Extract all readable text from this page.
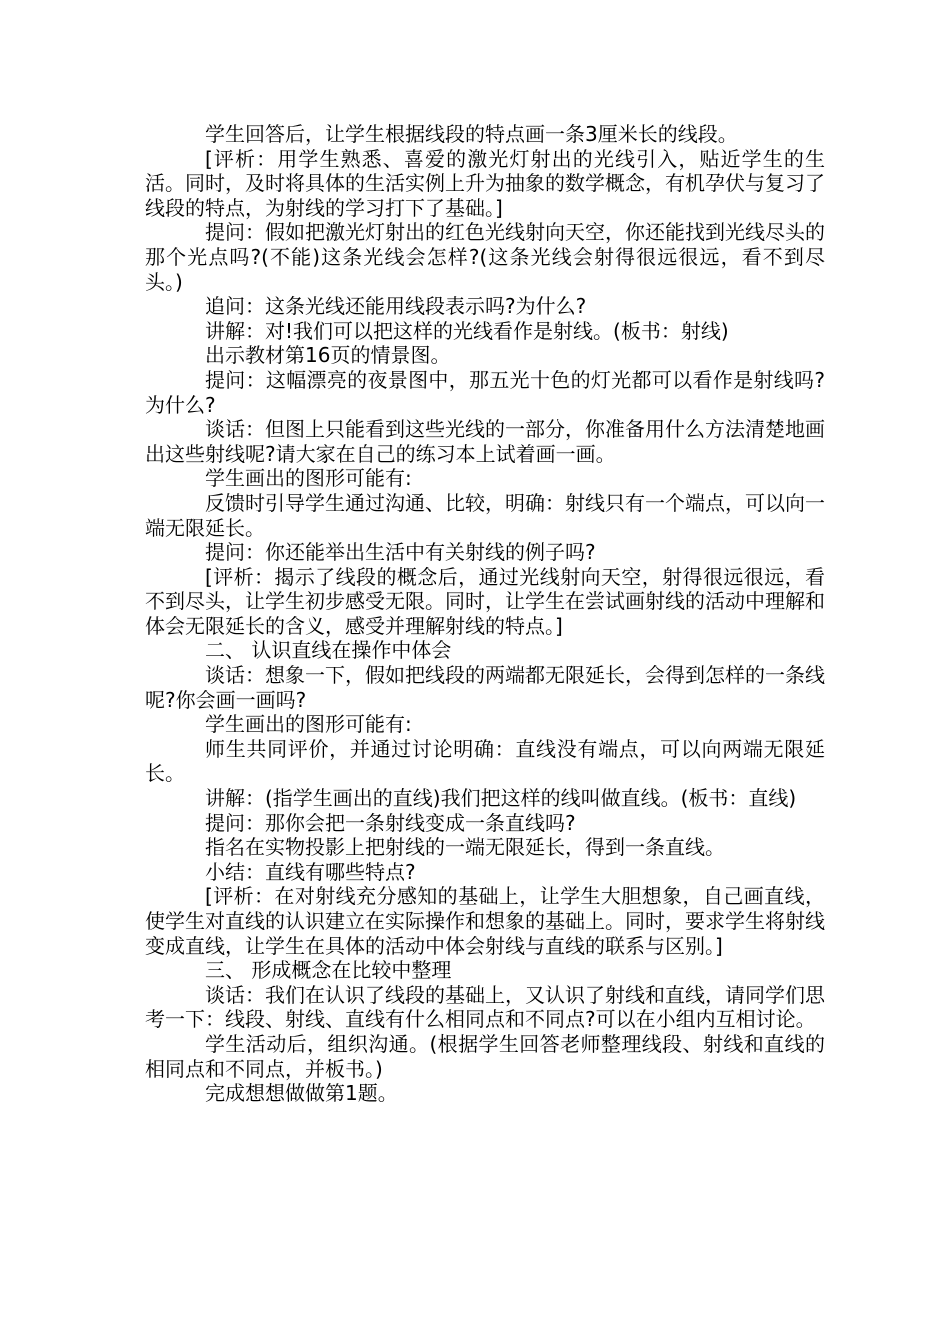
学生回答后，让学生根据线段的特点画一条3厘米长的线段。

[评析：用学生熟悉、喜爱的激光灯射出的光线引入，贴近学生的生活。同时，及时将具体的生活实例上升为抽象的数学概念，有机孕伏与复习了线段的特点，为射线的学习打下了基础。]

提问：假如把激光灯射出的红色光线射向天空，你还能找到光线尽头的那个光点吗?(不能)这条光线会怎样?(这条光线会射得很远很远，看不到尽头。)

追问：这条光线还能用线段表示吗?为什么?

讲解：对!我们可以把这样的光线看作是射线。(板书：射线)

出示教材第16页的情景图。

提问：这幅漂亮的夜景图中，那五光十色的灯光都可以看作是射线吗?为什么?

谈话：但图上只能看到这些光线的一部分，你准备用什么方法清楚地画出这些射线呢?请大家在自己的练习本上试着画一画。

学生画出的图形可能有:

反馈时引导学生通过沟通、比较，明确：射线只有一个端点，可以向一端无限延长。

提问：你还能举出生活中有关射线的例子吗?

[评析：揭示了线段的概念后，通过光线射向天空，射得很远很远，看不到尽头，让学生初步感受无限。同时，让学生在尝试画射线的活动中理解和体会无限延长的含义，感受并理解射线的特点。]

二、 认识直线在操作中体会

谈话：想象一下，假如把线段的两端都无限延长，会得到怎样的一条线呢?你会画一画吗?

学生画出的图形可能有:

师生共同评价，并通过讨论明确：直线没有端点，可以向两端无限延长。

讲解：(指学生画出的直线)我们把这样的线叫做直线。(板书：直线)

提问：那你会把一条射线变成一条直线吗?

指名在实物投影上把射线的一端无限延长，得到一条直线。

小结：直线有哪些特点?

[评析：在对射线充分感知的基础上，让学生大胆想象，自己画直线，使学生对直线的认识建立在实际操作和想象的基础上。同时，要求学生将射线变成直线，让学生在具体的活动中体会射线与直线的联系与区别。]

三、 形成概念在比较中整理

谈话：我们在认识了线段的基础上，又认识了射线和直线，请同学们思考一下：线段、射线、直线有什么相同点和不同点?可以在小组内互相讨论。

学生活动后，组织沟通。(根据学生回答老师整理线段、射线和直线的相同点和不同点，并板书。)

完成想想做做第1题。
